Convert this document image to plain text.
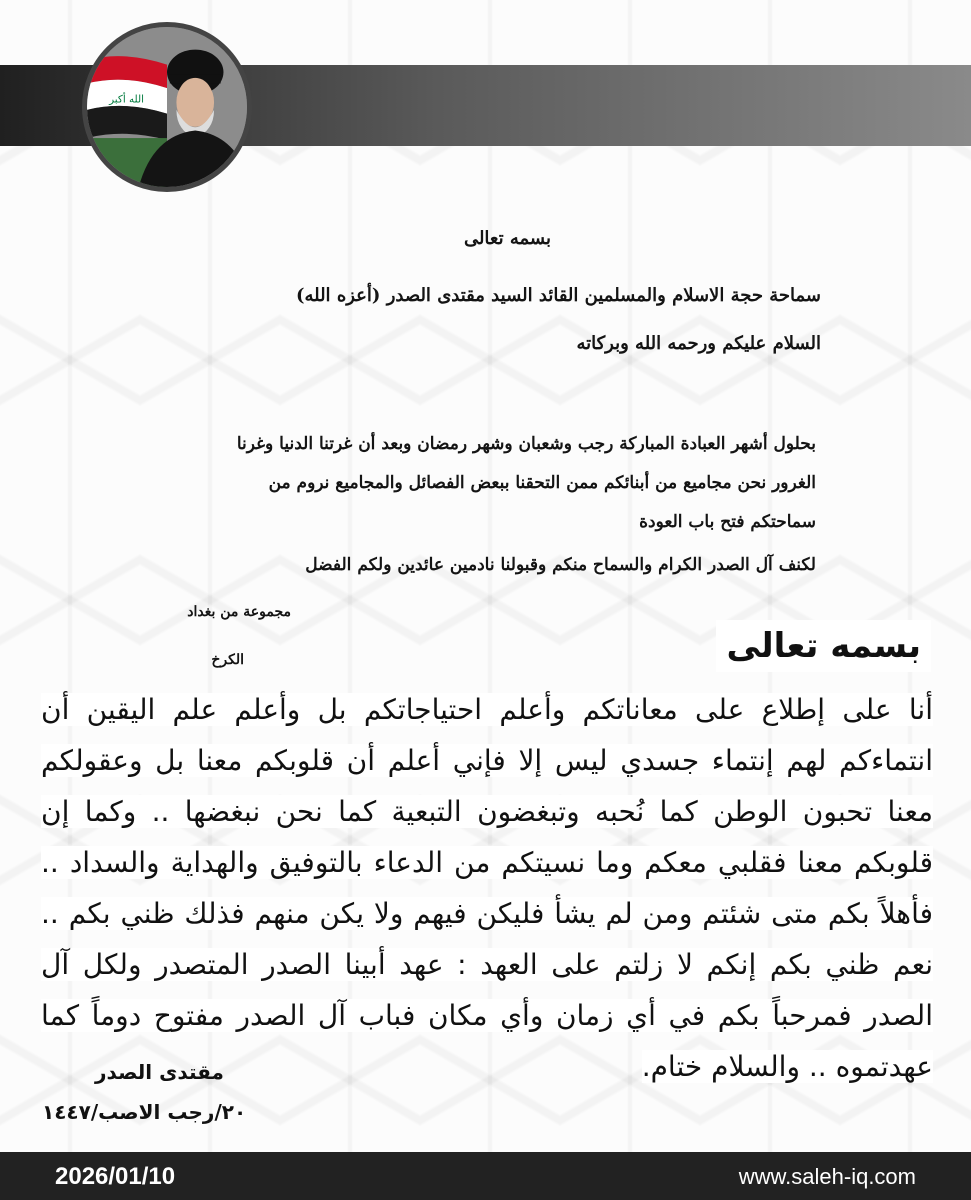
الله أكبر
بسمه تعالى
سماحة حجة الاسلام والمسلمين القائد السيد مقتدى الصدر (أعزه الله)
السلام عليكم ورحمه الله وبركاته
بحلول أشهر العبادة المباركة رجب وشعبان وشهر رمضان وبعد أن غرتنا الدنيا وغرنا الغرور نحن مجاميع من أبنائكم ممن التحقنا ببعض الفصائل والمجاميع نروم من سماحتكم فتح باب العودة
لكنف آل الصدر الكرام والسماح منكم وقبولنا نادمين عائدين ولكم الفضل
مجموعة من بغداد
الكرخ	بسمه تعالى
أنا على إطلاع على معاناتكم وأعلم احتياجاتكم بل وأعلم علم اليقين أن انتماءكم لهم إنتماء جسدي ليس إلا فإني أعلم أن قلوبكم معنا بل وعقولكم معنا تحبون الوطن كما نُحبه وتبغضون التبعية كما نحن نبغضها .. وكما إن قلوبكم معنا فقلبي معكم وما نسيتكم من الدعاء بالتوفيق والهداية والسداد .. فأهلاً بكم متى شئتم ومن لم يشأ فليكن فيهم ولا يكن منهم فذلك ظني بكم .. نعم ظني بكم إنكم لا زلتم على العهد : عهد أبينا الصدر المتصدر ولكل آل الصدر فمرحباً بكم في أي زمان وأي مكان فباب آل الصدر مفتوح دوماً كما عهدتموه .. والسلام ختام.
مقتدى الصدر
٢٠/رجب الاصب/١٤٤٧
2026/01/10	www.saleh-iq.com
